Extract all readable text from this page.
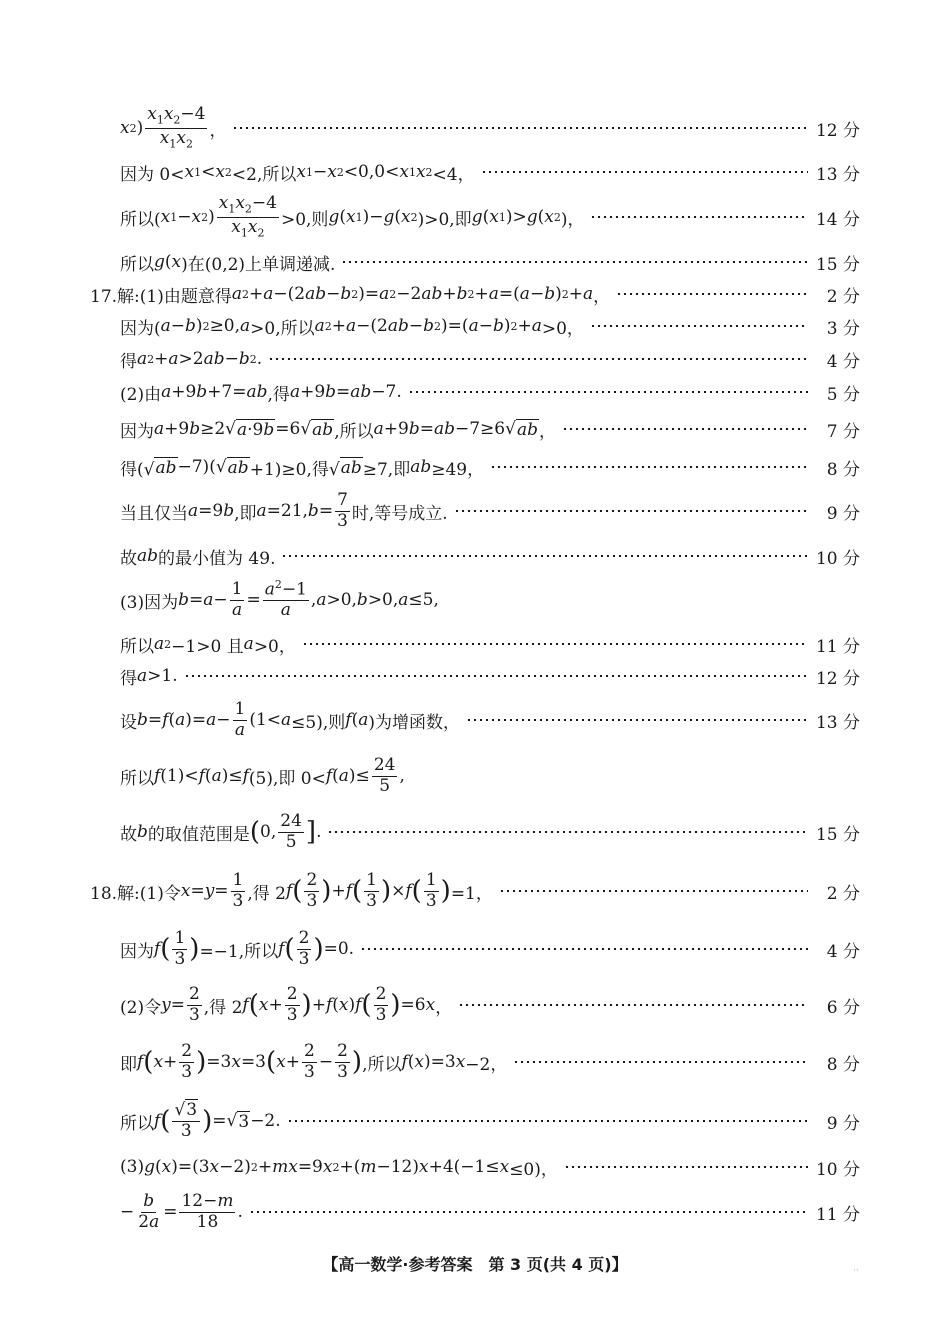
x 2 ) $\frac{x_1x_2-4}{x_1x_2}$ ，	12 分
因为 0< x 1 < x 2 <2,所以 x 1 − x 2 <0,0< x 1 x 2 <4，	13 分
所以( x 1 − x 2 ) $\frac{x_1x_2-4}{x_1x_2} >0$,则 g ( x 1 )− g ( x 2 )>0,即 g ( x 1 )> g ( x 2 )，	14 分
所以 g ( x )在(0,2)上单调递减.	15 分
17.解:(1)由题意得 a 2 + a −(2 ab − b 2 )= a 2 −2 ab + b 2 + a =( a − b ) 2 + a ，	2 分
因为( a − b ) 2 ≥0, a >0,所以 a 2 + a −(2 ab − b 2 )=( a − b ) 2 + a >0，	3 分
得 a 2 + a >2 ab − b 2 .	4 分
(2)由 a +9 b +7= ab ,得 a +9 b = ab −7.	5 分
因为 a +9 b ≥2√ a·9b =6√ ab ,所以 a +9 b = ab −7≥6√ ab ，	7 分
得(√ ab −7)(√ ab +1)≥0,得√ ab ≥7,即 ab ≥49，	8 分
当且仅当 a =9 b ,即 a =21, $b = \frac{7}{3}$ 时,等号成立.	9 分
故 ab 的最小值为 49.	10 分
(3)因为 $b = a - \frac{1}{a} = \frac{a^2-1}{a}$ , a >0, b >0, a ≤5,
所以 a 2 −1>0 且 a >0，	11 分
得 a >1.	12 分
设 b = f ( a )= $a - \frac{1}{a} (1< a \le 5)$,则 f ( a )为增函数，	13 分
所以 f (1)< f ( a )≤ f (5),即 0< f ( a )≤ $\frac{24}{5}$ ,
故 b 的取值范围是 ( 0, $\frac{24}{5}$ ] .	15 分
18.解:(1)令 $x = y = \frac{1}{3}$ ,得 2 f ( $\frac{2}{3}$ ) + f ( $\frac{1}{3}$ ) × f ( $\frac{1}{3}$ ) =1，	2 分
因为 f ( $\frac{1}{3}$ ) =−1,所以 f ( $\frac{2}{3}$ ) =0.	4 分
(2)令 $y = \frac{2}{3}$ ,得 2 f ( $x + \frac{2}{3}$ ) + f ( x ) f ( $\frac{2}{3}$ ) =6 x ，	6 分
即 f ( $x + \frac{2}{3}$ ) =3 x =3 ( $x + \frac{2}{3} - \frac{2}{3}$ ) ,所以 f ( x )=3 x −2，	8 分
所以 f ( $\frac{√3}{3}$ ) =√ 3 −2.	9 分
(3) g ( x )=(3 x −2) 2 + mx =9 x 2 +( m −12) x +4(−1≤ x ≤0)，	10 分
− $\frac{b}{2a} = \frac{12-m}{18}$ .	11 分
【高一数学·参考答案　第 3 页(共 4 页)】	··
